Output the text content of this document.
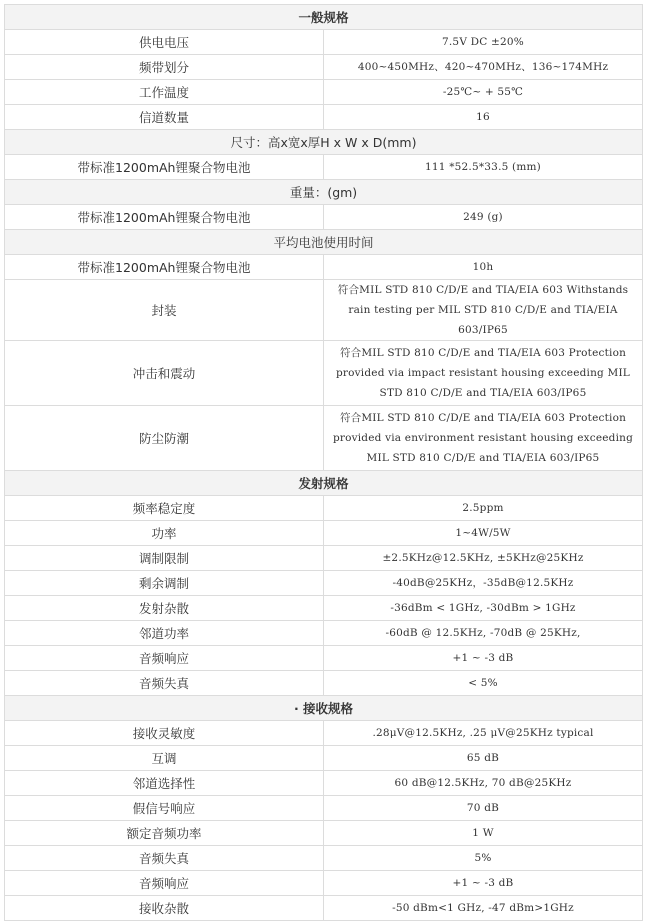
一般规格	
供电电压	7.5V DC ±20%
频带划分	400~450MHz、420~470MHz、136~174MHz
工作温度	-25℃~ + 55℃
信道数量	16
尺寸：高x宽x厚H x W x D(mm)	
带标准1200mAh锂聚合物电池	111 *52.5*33.5 (mm)
重量：(gm)	
带标准1200mAh锂聚合物电池	249 (g)
平均电池使用时间	
带标准1200mAh锂聚合物电池	10h
封装	符合MIL STD 810 C/D/E and TIA/EIA 603 Withstands rain testing per MIL STD 810 C/D/E and TIA/EIA 603/IP65
冲击和震动	符合MIL STD 810 C/D/E and TIA/EIA 603 Protection provided via impact resistant housing exceeding MIL STD 810 C/D/E and TIA/EIA 603/IP65
防尘防潮	符合MIL STD 810 C/D/E and TIA/EIA 603 Protection provided via environment resistant housing exceeding MIL STD 810 C/D/E and TIA/EIA 603/IP65
发射规格	
频率稳定度	2.5ppm
功率	1~4W/5W
调制限制	±2.5KHz@12.5KHz, ±5KHz@25KHz
剩余调制	-40dB@25KHz，-35dB@12.5KHz
发射杂散	-36dBm < 1GHz, -30dBm > 1GHz
邻道功率	-60dB @ 12.5KHz, -70dB @ 25KHz,
音频响应	+1 ~ -3 dB
音频失真	< 5%
· 接收规格	
接收灵敏度	.28μV@12.5KHz, .25 μV@25KHz typical
互调	65 dB
邻道选择性	60 dB@12.5KHz, 70 dB@25KHz
假信号响应	70 dB
额定音频功率	1 W
音频失真	5%
音频响应	+1 ~ -3 dB
接收杂散	-50 dBm<1 GHz, -47 dBm>1GHz
